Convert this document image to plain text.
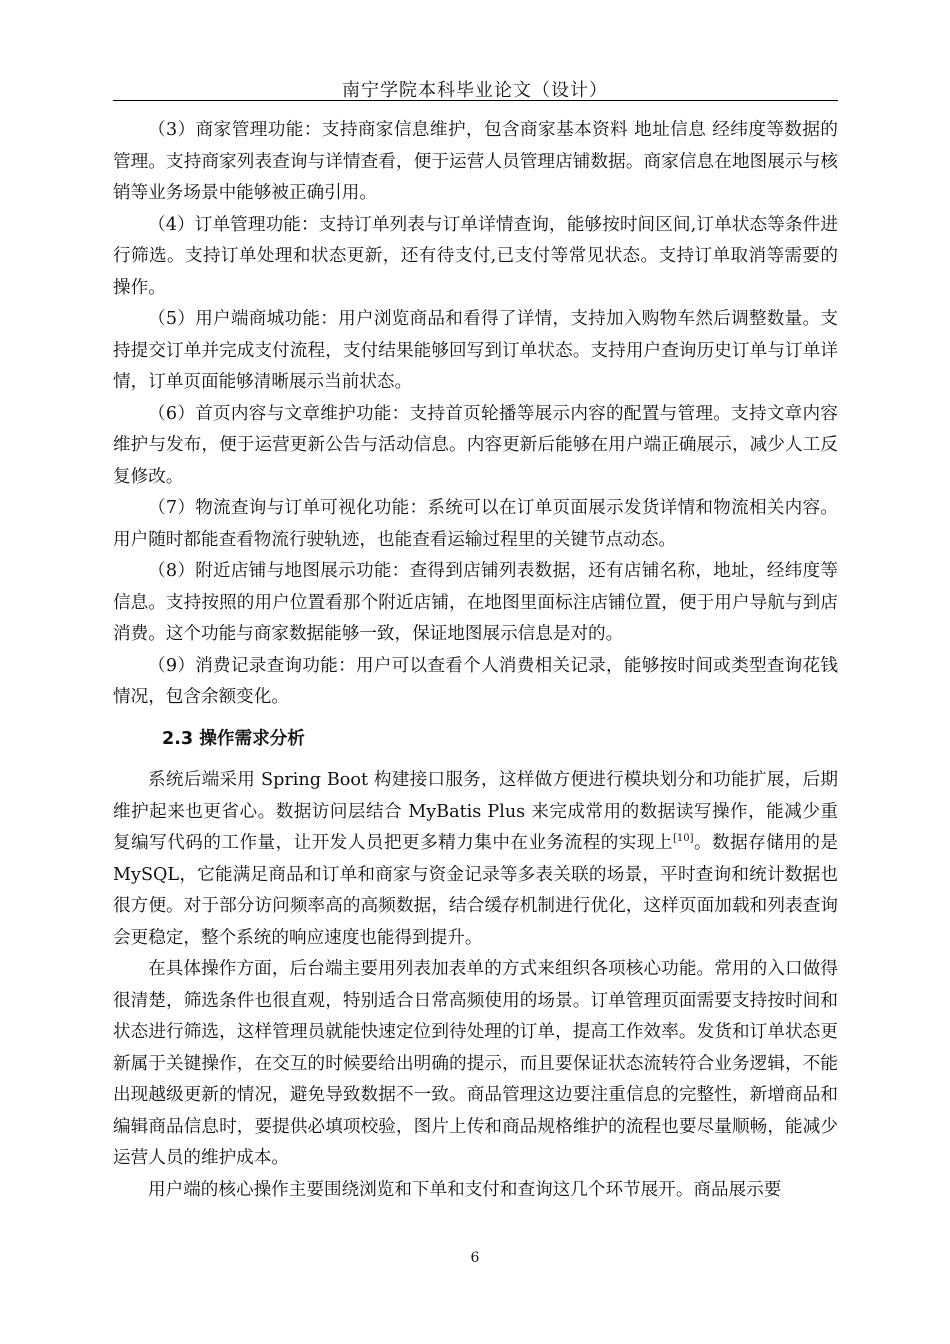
南宁学院本科毕业论文（设计）

（3）商家管理功能：支持商家信息维护，包含商家基本资料 地址信息 经纬度等数据的管理。支持商家列表查询与详情查看，便于运营人员管理店铺数据。商家信息在地图展示与核销等业务场景中能够被正确引用。

（4）订单管理功能：支持订单列表与订单详情查询，能够按时间区间,订单状态等条件进行筛选。支持订单处理和状态更新，还有待支付,已支付等常见状态。支持订单取消等需要的操作。

（5）用户端商城功能：用户浏览商品和看得了详情，支持加入购物车然后调整数量。支持提交订单并完成支付流程，支付结果能够回写到订单状态。支持用户查询历史订单与订单详情，订单页面能够清晰展示当前状态。

（6）首页内容与文章维护功能：支持首页轮播等展示内容的配置与管理。支持文章内容维护与发布，便于运营更新公告与活动信息。内容更新后能够在用户端正确展示，减少人工反复修改。

（7）物流查询与订单可视化功能：系统可以在订单页面展示发货详情和物流相关内容。用户随时都能查看物流行驶轨迹，也能查看运输过程里的关键节点动态。

（8）附近店铺与地图展示功能：查得到店铺列表数据，还有店铺名称，地址，经纬度等信息。支持按照的用户位置看那个附近店铺，在地图里面标注店铺位置，便于用户导航与到店消费。这个功能与商家数据能够一致，保证地图展示信息是对的。

（9）消费记录查询功能：用户可以查看个人消费相关记录，能够按时间或类型查询花钱情况，包含余额变化。

2.3 操作需求分析

系统后端采用 Spring Boot 构建接口服务，这样做方便进行模块划分和功能扩展，后期维护起来也更省心。数据访问层结合 MyBatis Plus 来完成常用的数据读写操作，能减少重复编写代码的工作量，让开发人员把更多精力集中在业务流程的实现上[10]。数据存储用的是 MySQL，它能满足商品和订单和商家与资金记录等多表关联的场景，平时查询和统计数据也很方便。对于部分访问频率高的高频数据，结合缓存机制进行优化，这样页面加载和列表查询会更稳定，整个系统的响应速度也能得到提升。

在具体操作方面，后台端主要用列表加表单的方式来组织各项核心功能。常用的入口做得很清楚，筛选条件也很直观，特别适合日常高频使用的场景。订单管理页面需要支持按时间和状态进行筛选，这样管理员就能快速定位到待处理的订单，提高工作效率。发货和订单状态更新属于关键操作，在交互的时候要给出明确的提示，而且要保证状态流转符合业务逻辑，不能出现越级更新的情况，避免导致数据不一致。商品管理这边要注重信息的完整性，新增商品和编辑商品信息时，要提供必填项校验，图片上传和商品规格维护的流程也要尽量顺畅，能减少运营人员的维护成本。

用户端的核心操作主要围绕浏览和下单和支付和查询这几个环节展开。商品展示要

6
